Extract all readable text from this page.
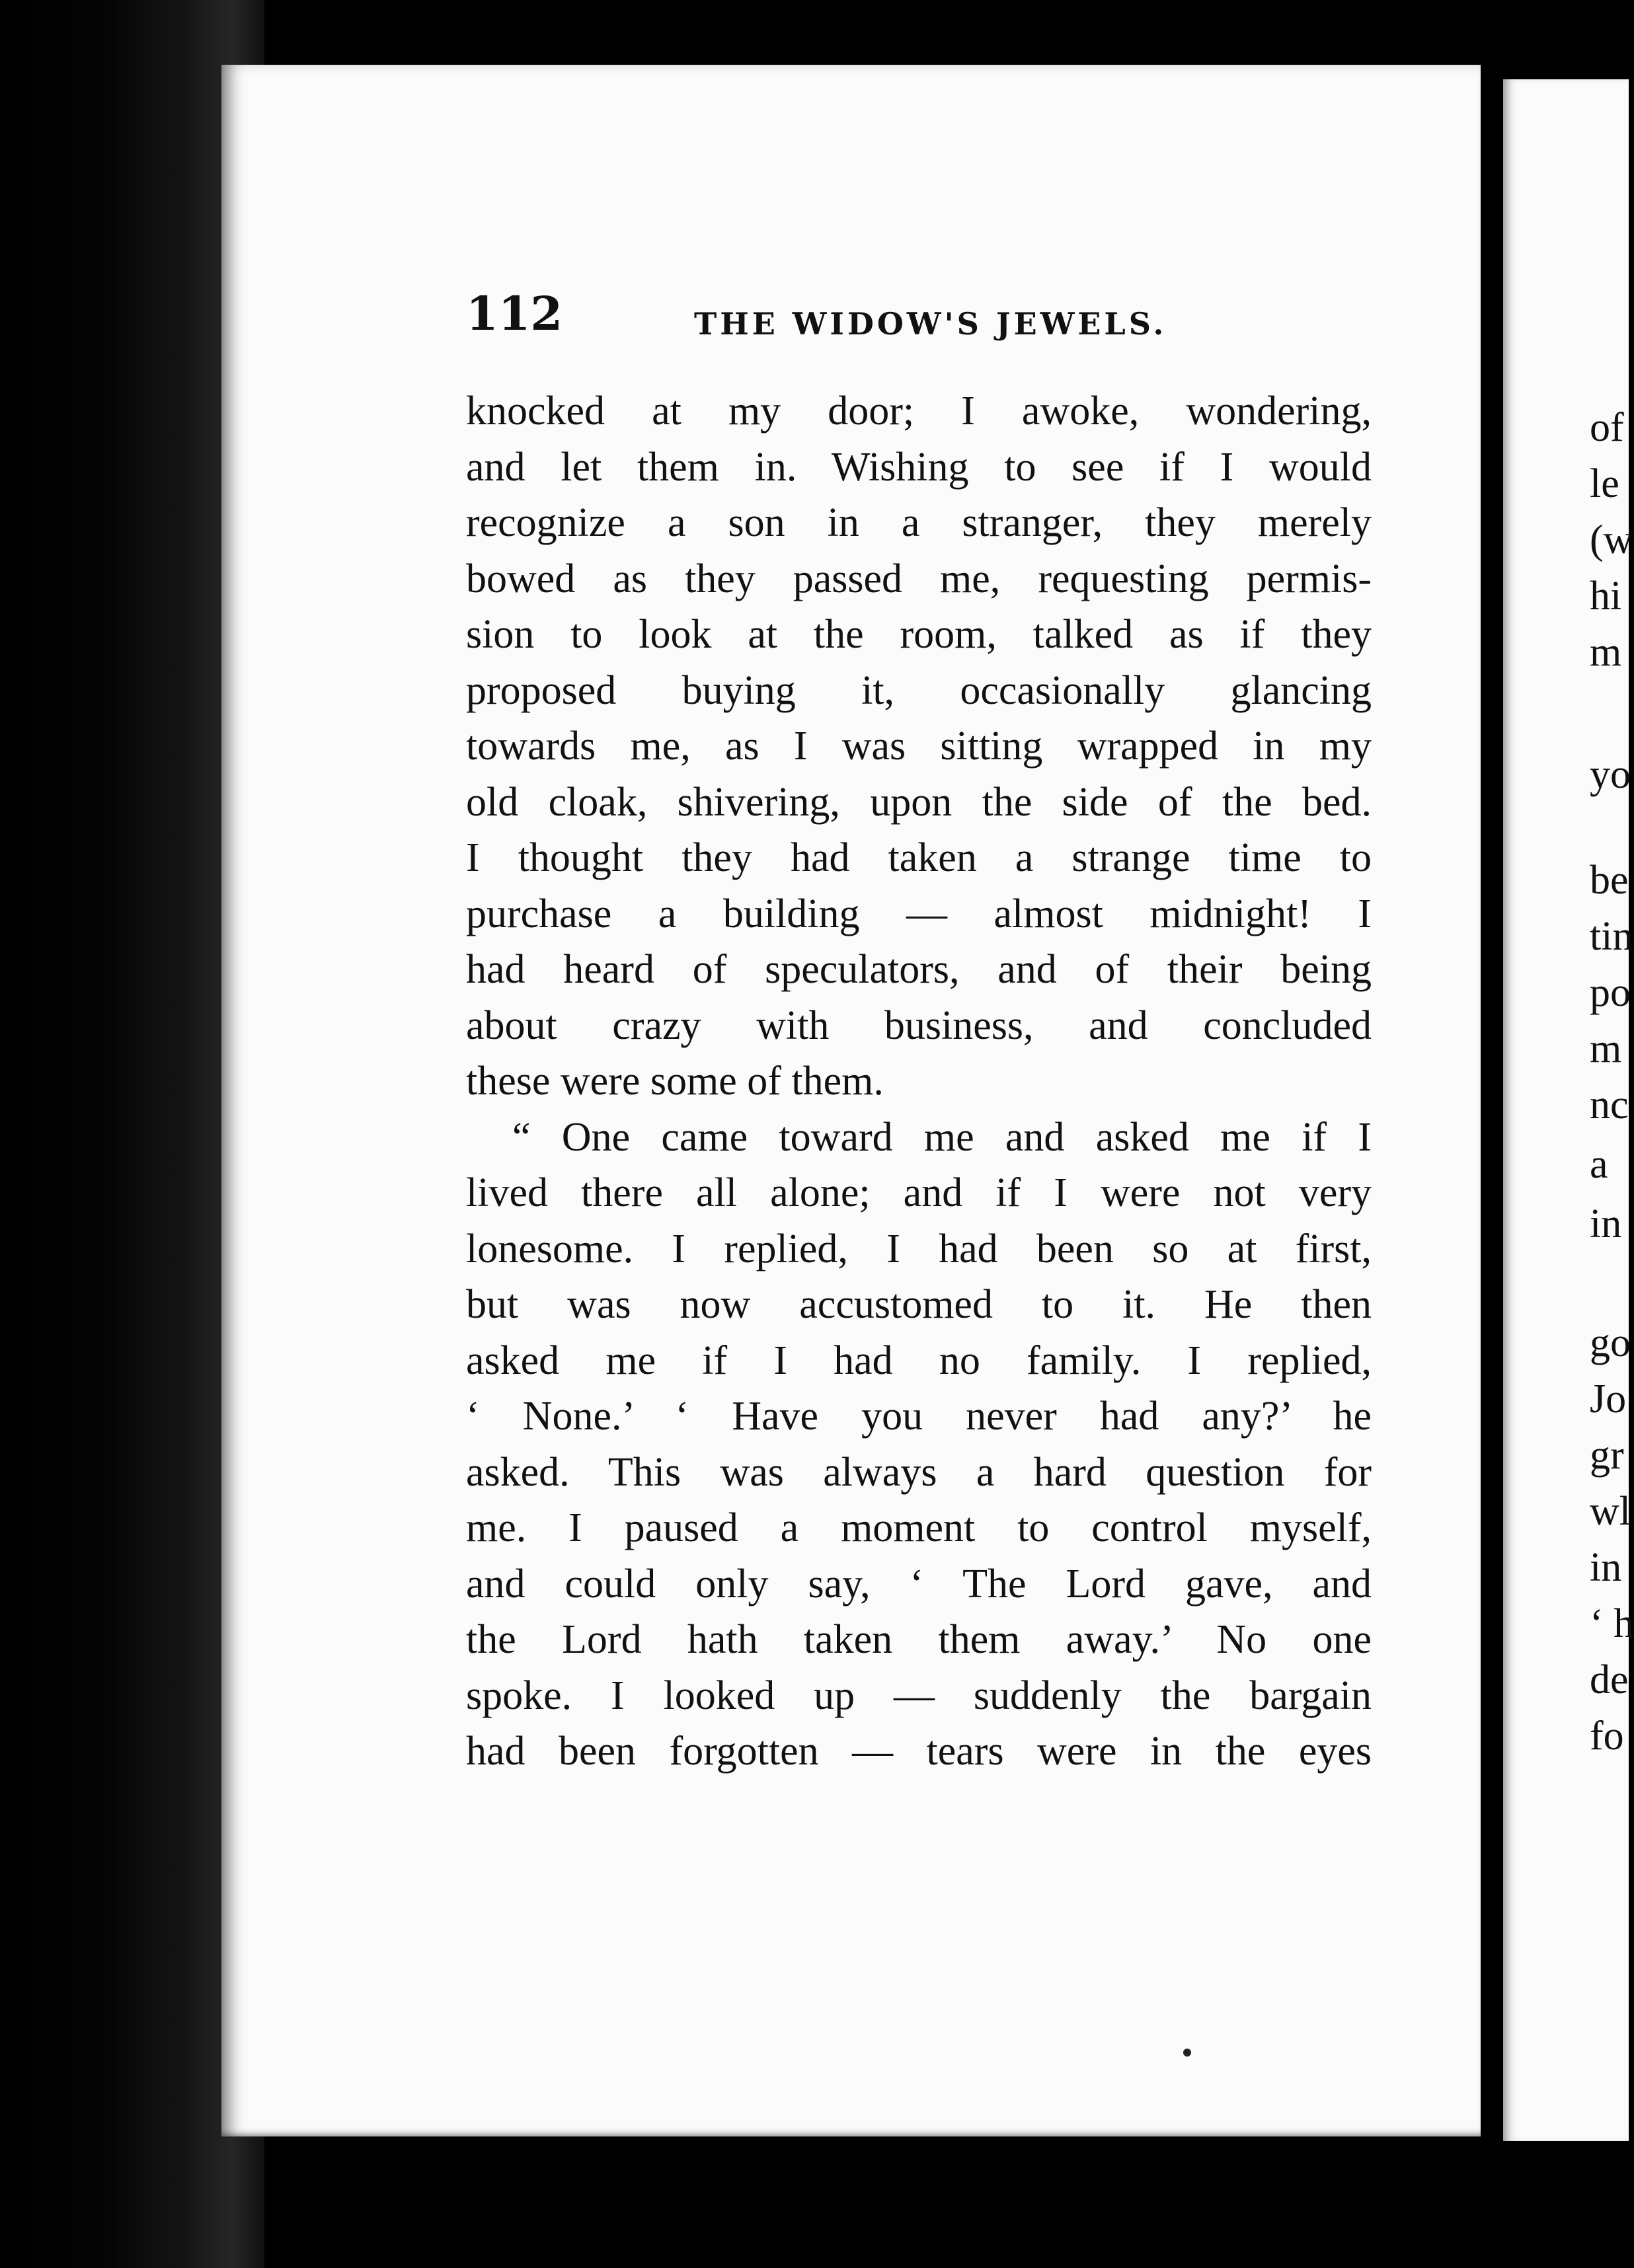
112	THE WIDOW'S JEWELS.
knocked at my door; I awoke, wondering,
and let them in. Wishing to see if I would
recognize a son in a stranger, they merely
bowed as they passed me, requesting permis-
sion to look at the room, talked as if they
proposed buying it, occasionally glancing
towards me, as I was sitting wrapped in my
old cloak, shivering, upon the side of the bed.
I thought they had taken a strange time to
purchase a building — almost midnight! I
had heard of speculators, and of their being
about crazy with business, and concluded
these were some of them.
“ One came toward me and asked me if I
lived there all alone; and if I were not very
lonesome. I replied, I had been so at first,
but was now accustomed to it. He then
asked me if I had no family. I replied,
‘ None.’ ‘ Have you never had any?’ he
asked. This was always a hard question for
me. I paused a moment to control myself,
and could only say, ‘ The Lord gave, and
the Lord hath taken them away.’ No one
spoke. I looked up — suddenly the bargain
had been forgotten — tears were in the eyes
of
le
(w
hi
m
yo
be
tin
po
m
nc
a
in
go
Jo
gr
wl
in
‘ h
de
fo
